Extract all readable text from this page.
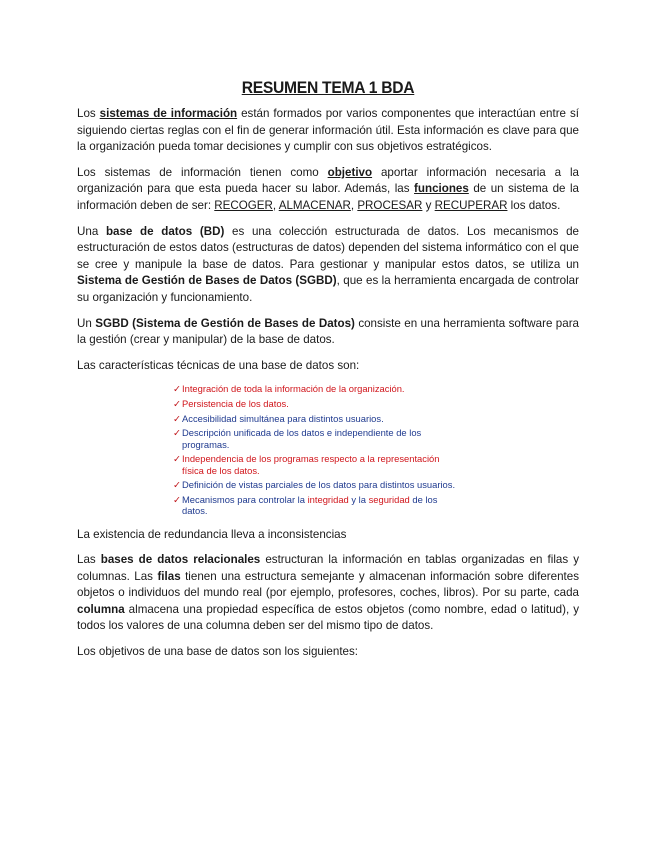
RESUMEN TEMA 1 BDA

Los sistemas de información están formados por varios componentes que interactúan entre sí siguiendo ciertas reglas con el fin de generar información útil. Esta información es clave para que la organización pueda tomar decisiones y cumplir con sus objetivos estratégicos.

Los sistemas de información tienen como objetivo aportar información necesaria a la organización para que esta pueda hacer su labor. Además, las funciones de un sistema de la información deben de ser: RECOGER, ALMACENAR, PROCESAR y RECUPERAR los datos.

Una base de datos (BD) es una colección estructurada de datos. Los mecanismos de estructuración de estos datos (estructuras de datos) dependen del sistema informático con el que se cree y manipule la base de datos. Para gestionar y manipular estos datos, se utiliza un Sistema de Gestión de Bases de Datos (SGBD), que es la herramienta encargada de controlar su organización y funcionamiento.

Un SGBD (Sistema de Gestión de Bases de Datos) consiste en una herramienta software para la gestión (crear y manipular) de la base de datos.

Las características técnicas de una base de datos son:

✓ Integración de toda la información de la organización.
✓ Persistencia de los datos.
✓ Accesibilidad simultánea para distintos usuarios.
✓ Descripción unificada de los datos e independiente de los programas.
✓ Independencia de los programas respecto a la representación física de los datos.
✓ Definición de vistas parciales de los datos para distintos usuarios.
✓ Mecanismos para controlar la integridad y la seguridad de los datos.

La existencia de redundancia lleva a inconsistencias

Las bases de datos relacionales estructuran la información en tablas organizadas en filas y columnas. Las filas tienen una estructura semejante y almacenan información sobre diferentes objetos o individuos del mundo real (por ejemplo, profesores, coches, libros). Por su parte, cada columna almacena una propiedad específica de estos objetos (como nombre, edad o latitud), y todos los valores de una columna deben ser del mismo tipo de datos.

Los objetivos de una base de datos son los siguientes:
